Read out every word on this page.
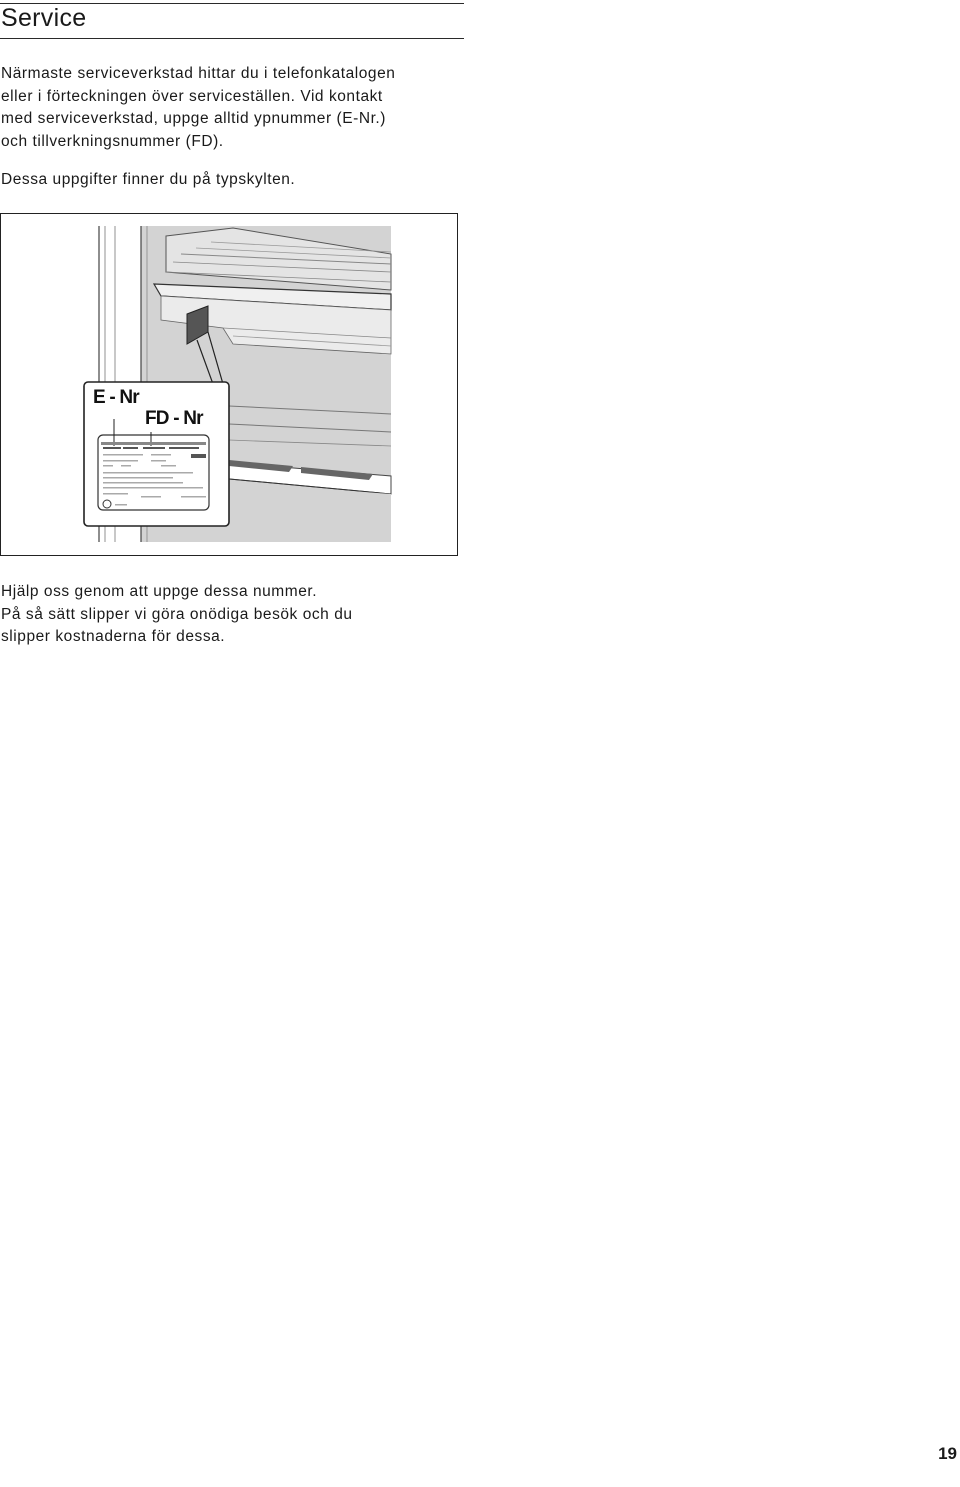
Service

Närmaste serviceverkstad hittar du i telefonkatalogen
eller i förteckningen över serviceställen. Vid kontakt
med serviceverkstad, uppge alltid ypnummer (E-Nr.)
och tillverkningsnummer (FD).

Dessa uppgifter finner du på typskylten.

E - Nr
FD - Nr

Hjälp oss genom att uppge dessa nummer.
På så sätt slipper vi göra onödiga besök och du
slipper kostnaderna för dessa.

19
